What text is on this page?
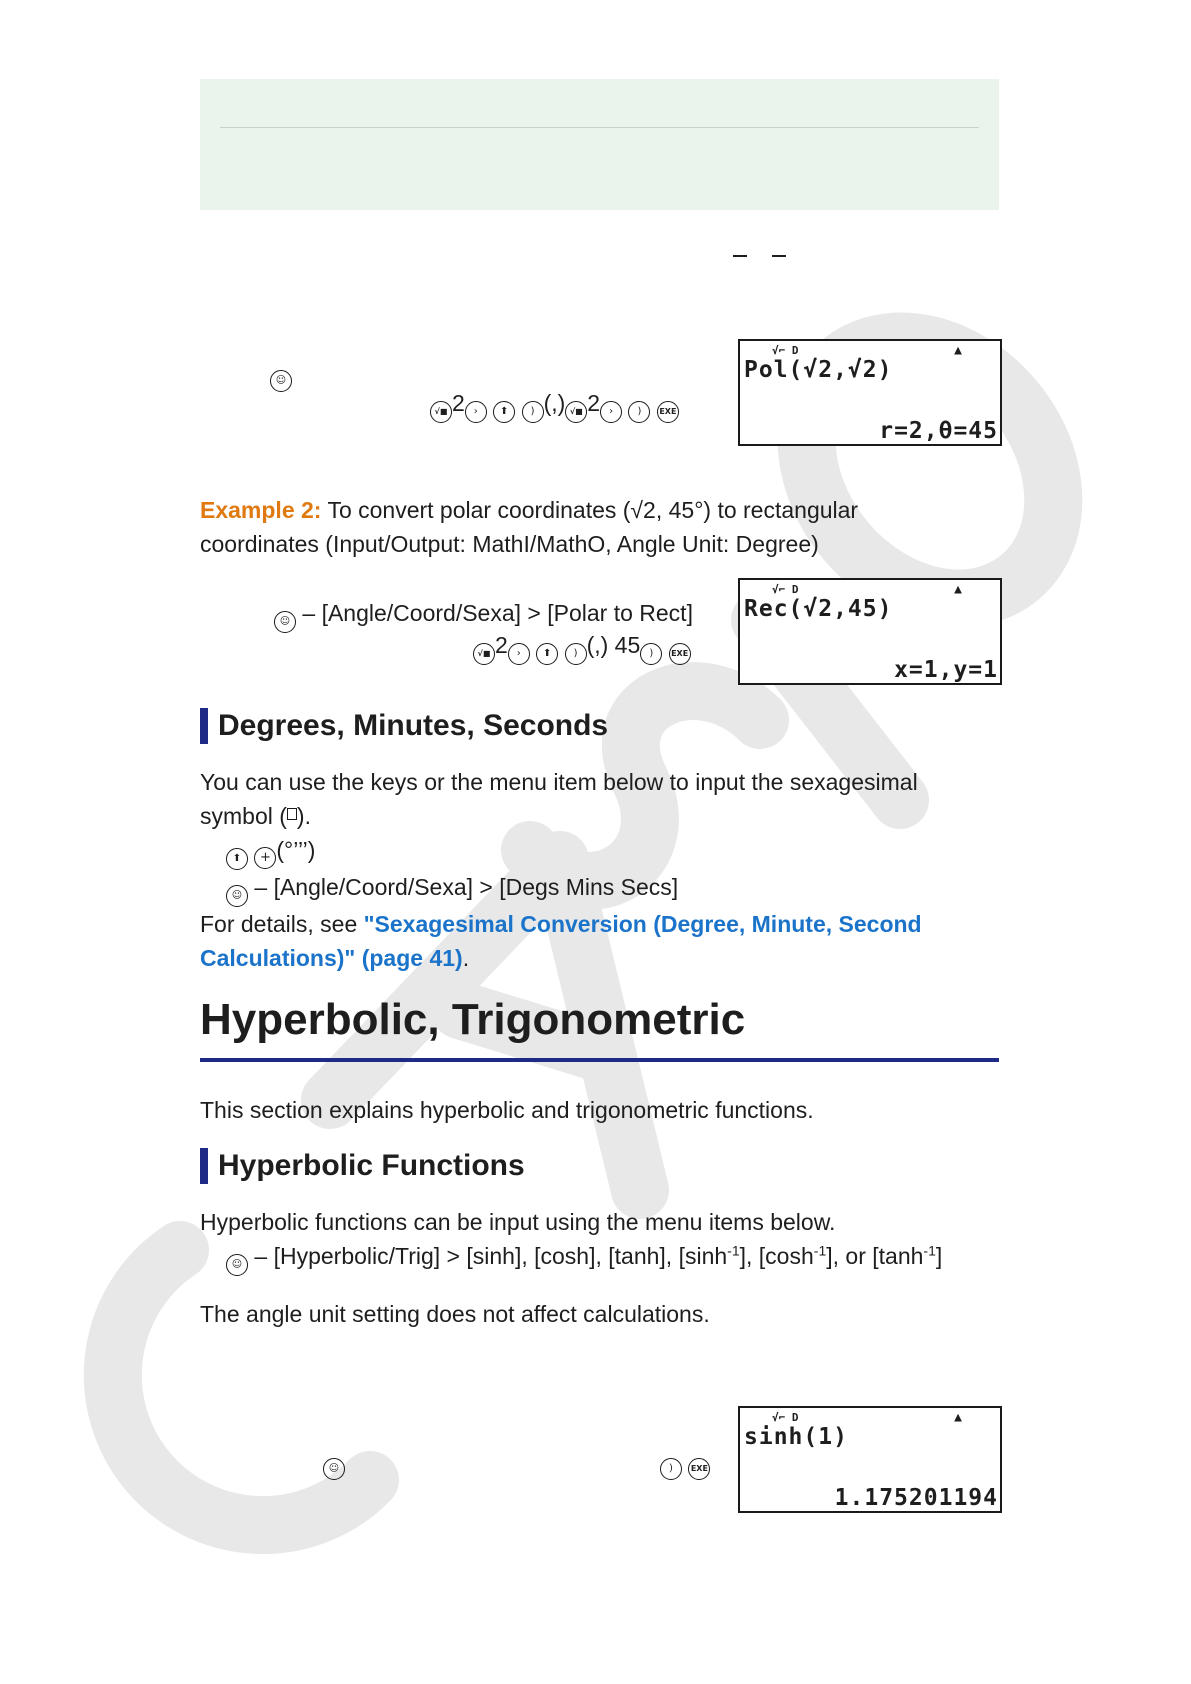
☺
√■ 2 › ⬆ ) (,) √■ 2 › ) EXE
√⌐ D	▲
Pol(√2,√2)
r=2,θ=45
Example 2: To convert polar coordinates (√2, 45°) to rectangular
coordinates (Input/Output: MathI/MathO, Angle Unit: Degree)
☺ – [Angle/Coord/Sexa] > [Polar to Rect]
√■ 2 › ⬆ ) (,) 45 ) EXE
√⌐ D	▲
Rec(√2,45)
x=1,y=1
Degrees, Minutes, Seconds
You can use the keys or the menu item below to input the sexagesimal
symbol ( ).
⬆ + (°’’’)
☺ – [Angle/Coord/Sexa] > [Degs Mins Secs]
For details, see "Sexagesimal Conversion (Degree, Minute, Second
Calculations)" (page 41).
Hyperbolic, Trigonometric
This section explains hyperbolic and trigonometric functions.
Hyperbolic Functions
Hyperbolic functions can be input using the menu items below.
☺ – [Hyperbolic/Trig] > [sinh], [cosh], [tanh], $[\sinh^{-1}]$, $[\cosh^{-1}]$, or $[\tanh^{-1}]$
The angle unit setting does not affect calculations.
☺	) EXE
√⌐ D	▲
sinh(1)
1.175201194
